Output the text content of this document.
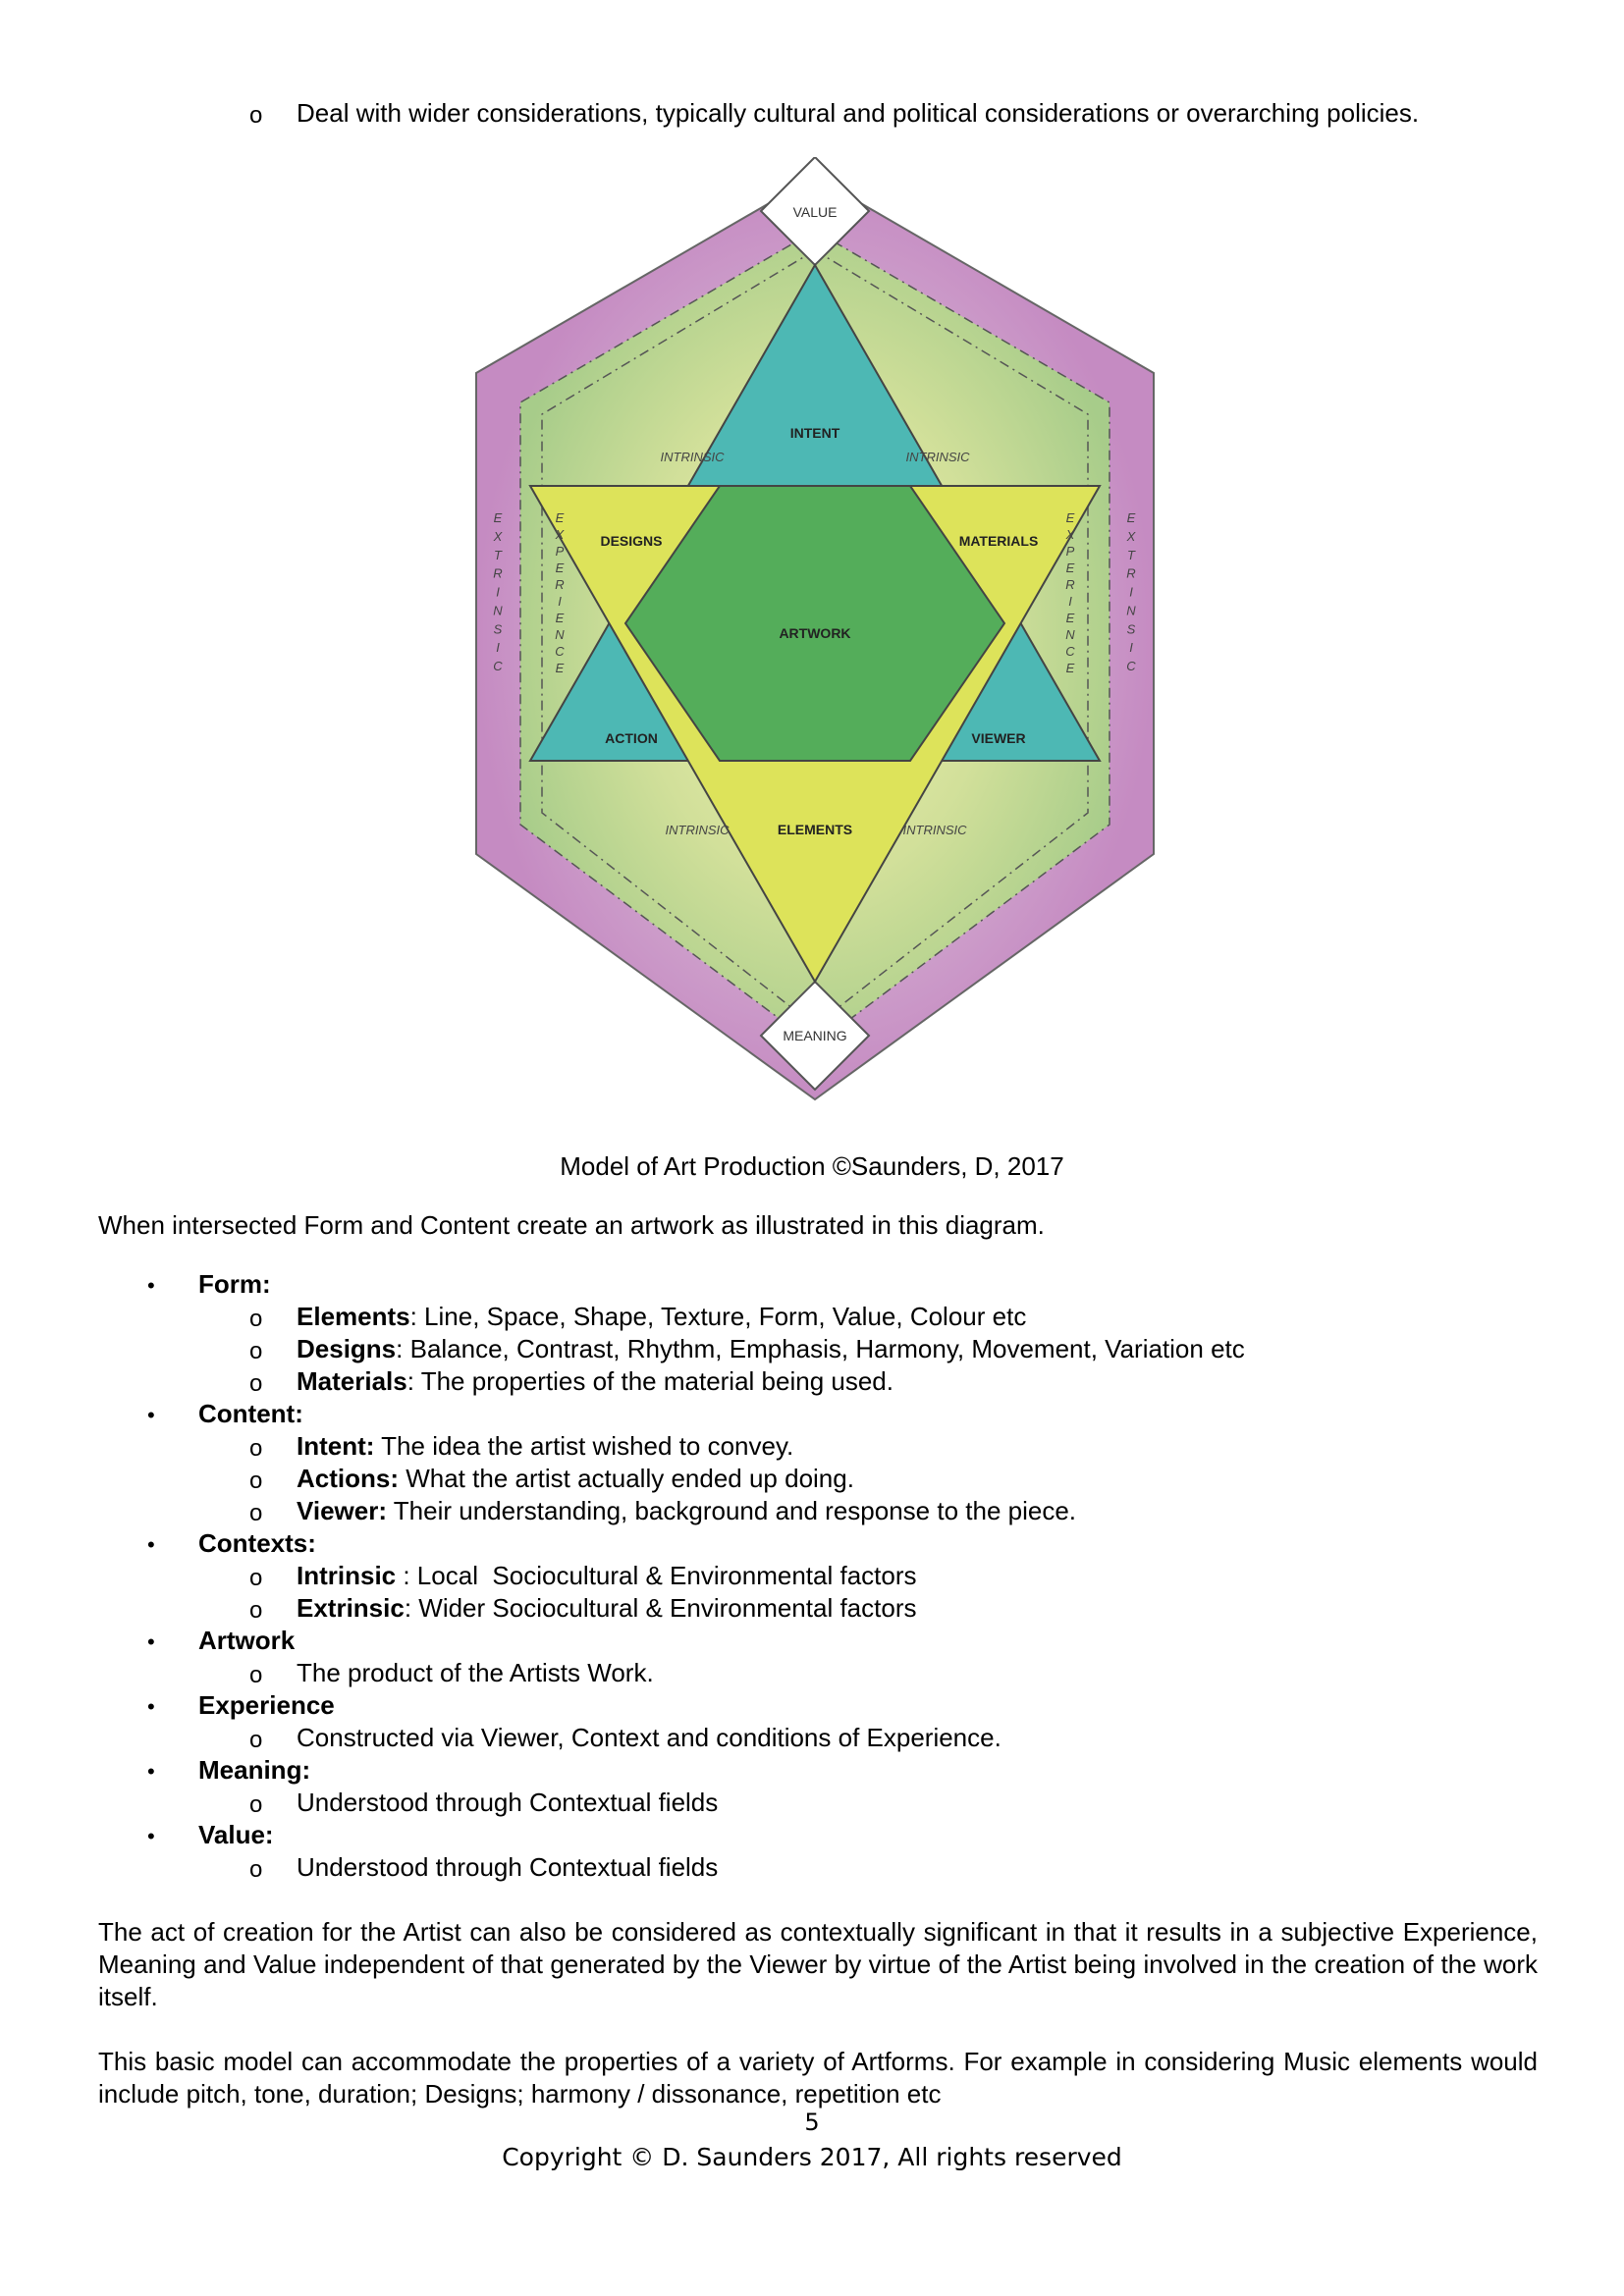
o Deal with wider considerations, typically cultural and political considerations or overarching policies.
VALUE
MEANING
INTENT
DESIGNS	MATERIALS
ARTWORK
ACTION	VIEWER
ELEMENTS
INTRINSIC	INTRINSIC
INTRINSIC	INTRINSIC
E
X
T
R
I
N
S
I
C
E
X
P
E
R
I
E
N
C
E
E
X
P
E
R
I
E
N
C
E
E
X
T
R
I
N
S
I
C
Model of Art Production ©Saunders, D, 2017
When intersected Form and Content create an artwork as illustrated in this diagram.
• Form:
o Elements: Line, Space, Shape, Texture, Form, Value, Colour etc
o Designs: Balance, Contrast, Rhythm, Emphasis, Harmony, Movement, Variation etc
o Materials: The properties of the material being used.
• Content:
o Intent: The idea the artist wished to convey.
o Actions: What the artist actually ended up doing.
o Viewer: Their understanding, background and response to the piece.
• Contexts:
o Intrinsic : Local  Sociocultural & Environmental factors
o Extrinsic: Wider Sociocultural & Environmental factors
• Artwork
o The product of the Artists Work.
• Experience
o Constructed via Viewer, Context and conditions of Experience.
• Meaning:
o Understood through Contextual fields
• Value:
o Understood through Contextual fields
The act of creation for the Artist can also be considered as contextually significant in that it results in a subjective Experience, Meaning and Value independent of that generated by the Viewer by virtue of the Artist being involved in the creation of the work itself.
This basic model can accommodate the properties of a variety of Artforms. For example in considering Music elements would include pitch, tone, duration; Designs; harmony / dissonance, repetition etc
5
Copyright © D. Saunders 2017, All rights reserved
